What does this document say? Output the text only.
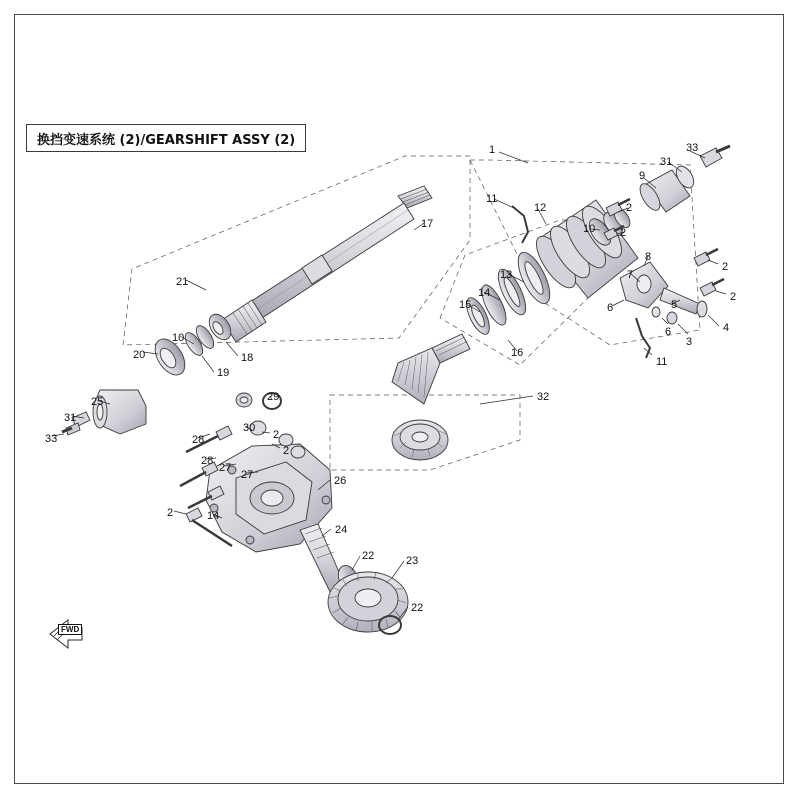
换挡变速系统 (2)/GEARSHIFT ASSY (2)
FWD
1	33
31
9
11
12	2
10 2
17
8
2
7
13
21
2
14
15	6	5
10
4
6
3
20	18	16
11
19
29
25	32
31
30
28
33
2
2
28
27
27	26
2	14
24
22	23
22
